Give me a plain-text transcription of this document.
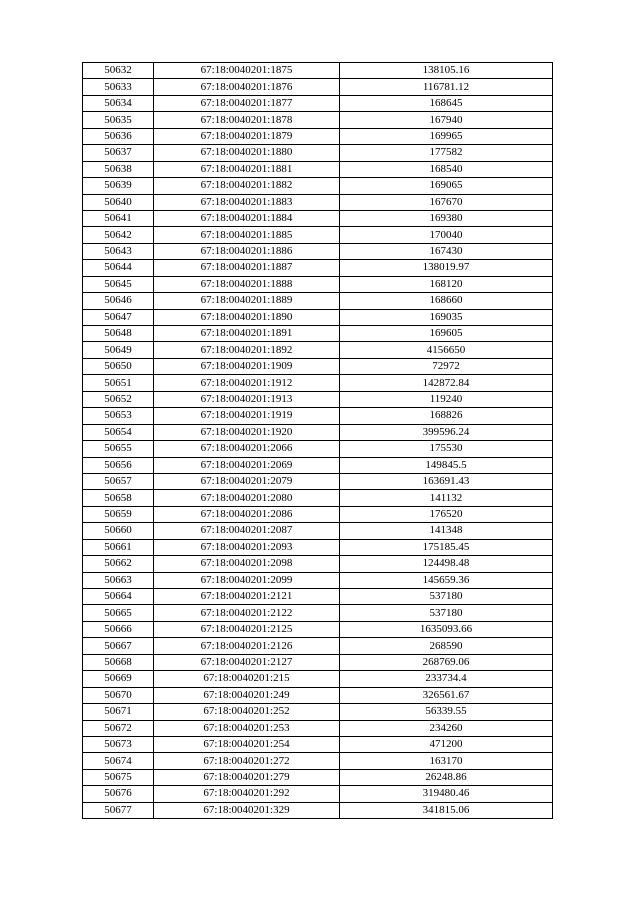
50632	67:18:0040201:1875	138105.16
50633	67:18:0040201:1876	116781.12
50634	67:18:0040201:1877	168645
50635	67:18:0040201:1878	167940
50636	67:18:0040201:1879	169965
50637	67:18:0040201:1880	177582
50638	67:18:0040201:1881	168540
50639	67:18:0040201:1882	169065
50640	67:18:0040201:1883	167670
50641	67:18:0040201:1884	169380
50642	67:18:0040201:1885	170040
50643	67:18:0040201:1886	167430
50644	67:18:0040201:1887	138019.97
50645	67:18:0040201:1888	168120
50646	67:18:0040201:1889	168660
50647	67:18:0040201:1890	169035
50648	67:18:0040201:1891	169605
50649	67:18:0040201:1892	4156650
50650	67:18:0040201:1909	72972
50651	67:18:0040201:1912	142872.84
50652	67:18:0040201:1913	119240
50653	67:18:0040201:1919	168826
50654	67:18:0040201:1920	399596.24
50655	67:18:0040201:2066	175530
50656	67:18:0040201:2069	149845.5
50657	67:18:0040201:2079	163691.43
50658	67:18:0040201:2080	141132
50659	67:18:0040201:2086	176520
50660	67:18:0040201:2087	141348
50661	67:18:0040201:2093	175185.45
50662	67:18:0040201:2098	124498.48
50663	67:18:0040201:2099	145659.36
50664	67:18:0040201:2121	537180
50665	67:18:0040201:2122	537180
50666	67:18:0040201:2125	1635093.66
50667	67:18:0040201:2126	268590
50668	67:18:0040201:2127	268769.06
50669	67:18:0040201:215	233734.4
50670	67:18:0040201:249	326561.67
50671	67:18:0040201:252	56339.55
50672	67:18:0040201:253	234260
50673	67:18:0040201:254	471200
50674	67:18:0040201:272	163170
50675	67:18:0040201:279	26248.86
50676	67:18:0040201:292	319480.46
50677	67:18:0040201:329	341815.06
